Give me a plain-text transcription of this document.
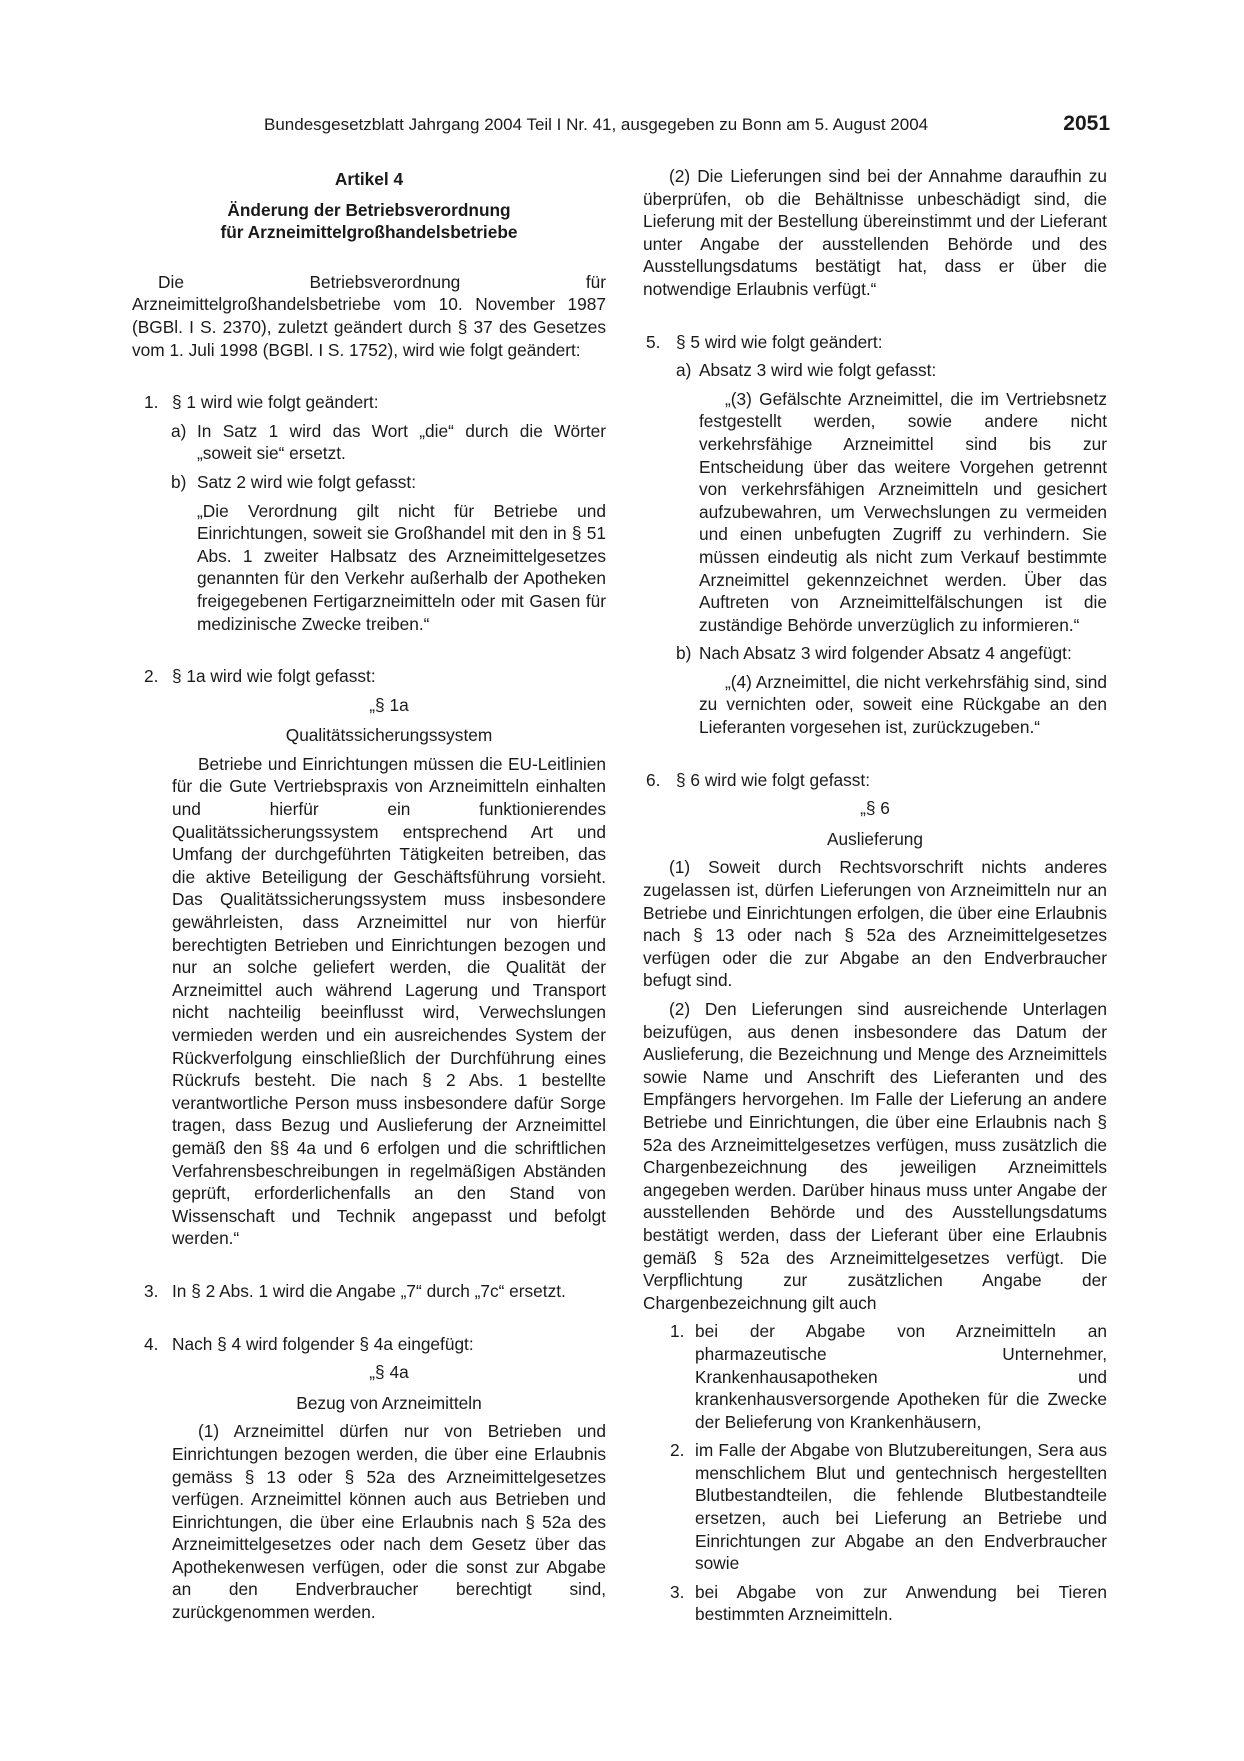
Bundesgesetzblatt Jahrgang 2004 Teil I Nr. 41, ausgegeben zu Bonn am 5. August 2004	2051

Artikel 4

Änderung der Betriebsverordnung

für Arzneimittelgroßhandelsbetriebe

Die Betriebsverordnung für Arzneimittelgroßhandelsbetriebe vom 10. November 1987 (BGBl. I S. 2370), zuletzt geändert durch § 37 des Gesetzes vom 1. Juli 1998 (BGBl. I S. 1752), wird wie folgt geändert:

1. § 1 wird wie folgt geändert:

a) In Satz 1 wird das Wort „die“ durch die Wörter „soweit sie“ ersetzt.

b) Satz 2 wird wie folgt gefasst:

„Die Verordnung gilt nicht für Betriebe und Einrichtungen, soweit sie Großhandel mit den in § 51 Abs. 1 zweiter Halbsatz des Arzneimittelgesetzes genannten für den Verkehr außerhalb der Apotheken freigegebenen Fertigarzneimitteln oder mit Gasen für medizinische Zwecke treiben.“

2. § 1a wird wie folgt gefasst:

„§ 1a

Qualitätssicherungssystem

Betriebe und Einrichtungen müssen die EU-Leitlinien für die Gute Vertriebspraxis von Arzneimitteln einhalten und hierfür ein funktionierendes Qualitätssicherungssystem entsprechend Art und Umfang der durchgeführten Tätigkeiten betreiben, das die aktive Beteiligung der Geschäftsführung vorsieht. Das Qualitätssicherungssystem muss insbesondere gewährleisten, dass Arzneimittel nur von hierfür berechtigten Betrieben und Einrichtungen bezogen und nur an solche geliefert werden, die Qualität der Arzneimittel auch während Lagerung und Transport nicht nachteilig beeinflusst wird, Verwechslungen vermieden werden und ein ausreichendes System der Rückverfolgung einschließlich der Durchführung eines Rückrufs besteht. Die nach § 2 Abs. 1 bestellte verantwortliche Person muss insbesondere dafür Sorge tragen, dass Bezug und Auslieferung der Arzneimittel gemäß den §§ 4a und 6 erfolgen und die schriftlichen Verfahrensbeschreibungen in regelmäßigen Abständen geprüft, erforderlichenfalls an den Stand von Wissenschaft und Technik angepasst und befolgt werden.“

3. In § 2 Abs. 1 wird die Angabe „7“ durch „7c“ ersetzt.

4. Nach § 4 wird folgender § 4a eingefügt:

„§ 4a

Bezug von Arzneimitteln

(1) Arzneimittel dürfen nur von Betrieben und Einrichtungen bezogen werden, die über eine Erlaubnis gemäss § 13 oder § 52a des Arzneimittelgesetzes verfügen. Arzneimittel können auch aus Betrieben und Einrichtungen, die über eine Erlaubnis nach § 52a des Arzneimittelgesetzes oder nach dem Gesetz über das Apothekenwesen verfügen, oder die sonst zur Abgabe an den Endverbraucher berechtigt sind, zurückgenommen werden.

(2) Die Lieferungen sind bei der Annahme daraufhin zu überprüfen, ob die Behältnisse unbeschädigt sind, die Lieferung mit der Bestellung übereinstimmt und der Lieferant unter Angabe der ausstellenden Behörde und des Ausstellungsdatums bestätigt hat, dass er über die notwendige Erlaubnis verfügt.“

5. § 5 wird wie folgt geändert:

a) Absatz 3 wird wie folgt gefasst:

„(3) Gefälschte Arzneimittel, die im Vertriebsnetz festgestellt werden, sowie andere nicht verkehrsfähige Arzneimittel sind bis zur Entscheidung über das weitere Vorgehen getrennt von verkehrsfähigen Arzneimitteln und gesichert aufzubewahren, um Verwechslungen zu vermeiden und einen unbefugten Zugriff zu verhindern. Sie müssen eindeutig als nicht zum Verkauf bestimmte Arzneimittel gekennzeichnet werden. Über das Auftreten von Arzneimittelfälschungen ist die zuständige Behörde unverzüglich zu informieren.“

b) Nach Absatz 3 wird folgender Absatz 4 angefügt:

„(4) Arzneimittel, die nicht verkehrsfähig sind, sind zu vernichten oder, soweit eine Rückgabe an den Lieferanten vorgesehen ist, zurückzugeben.“

6. § 6 wird wie folgt gefasst:

„§ 6

Auslieferung

(1) Soweit durch Rechtsvorschrift nichts anderes zugelassen ist, dürfen Lieferungen von Arzneimitteln nur an Betriebe und Einrichtungen erfolgen, die über eine Erlaubnis nach § 13 oder nach § 52a des Arzneimittelgesetzes verfügen oder die zur Abgabe an den Endverbraucher befugt sind.

(2) Den Lieferungen sind ausreichende Unterlagen beizufügen, aus denen insbesondere das Datum der Auslieferung, die Bezeichnung und Menge des Arzneimittels sowie Name und Anschrift des Lieferanten und des Empfängers hervorgehen. Im Falle der Lieferung an andere Betriebe und Einrichtungen, die über eine Erlaubnis nach § 52a des Arzneimittelgesetzes verfügen, muss zusätzlich die Chargenbezeichnung des jeweiligen Arzneimittels angegeben werden. Darüber hinaus muss unter Angabe der ausstellenden Behörde und des Ausstellungsdatums bestätigt werden, dass der Lieferant über eine Erlaubnis gemäß § 52a des Arzneimittelgesetzes verfügt. Die Verpflichtung zur zusätzlichen Angabe der Chargenbezeichnung gilt auch

1. bei der Abgabe von Arzneimitteln an pharmazeutische Unternehmer, Krankenhausapotheken und krankenhausversorgende Apotheken für die Zwecke der Belieferung von Krankenhäusern,

2. im Falle der Abgabe von Blutzubereitungen, Sera aus menschlichem Blut und gentechnisch hergestellten Blutbestandteilen, die fehlende Blutbestandteile ersetzen, auch bei Lieferung an Betriebe und Einrichtungen zur Abgabe an den Endverbraucher sowie

3. bei Abgabe von zur Anwendung bei Tieren bestimmten Arzneimitteln.
